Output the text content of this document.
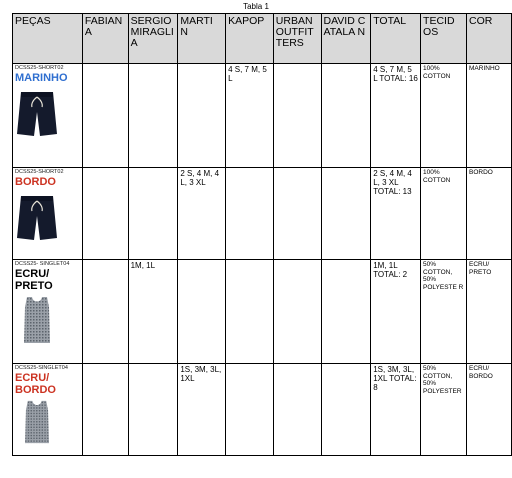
Tabla 1
PEÇAS	FABIAN A	SERGIO MIRAGLI A	MARTI N	KAPOP	URBAN OUTFIT TERS	DAVID CATALA N	TOTAL	TECID OS	COR

DCSS25-SHORT02
MARINHO				4 S, 7 M, 5 L			4 S, 7 M, 5 L TOTAL: 16	100% COTTON	MARINHO

DCSS25-SHORT02
BORDO			2 S, 4 M, 4 L, 3 XL				2 S, 4 M, 4 L, 3 XL TOTAL: 13	100% COTTON	BORDO

DCSS25- SINGLET04
ECRU/ PRETO		1M, 1L					1M, 1L TOTAL: 2	50% COTTON, 50% POLYESTE R	ECRU/ PRETO

DCSS25-SINGLET04
ECRU/ BORDO			1S, 3M, 3L, 1XL				1S, 3M, 3L, 1XL TOTAL: 8	50% COTTON, 50% POLYESTER	ECRU/ BORDO
